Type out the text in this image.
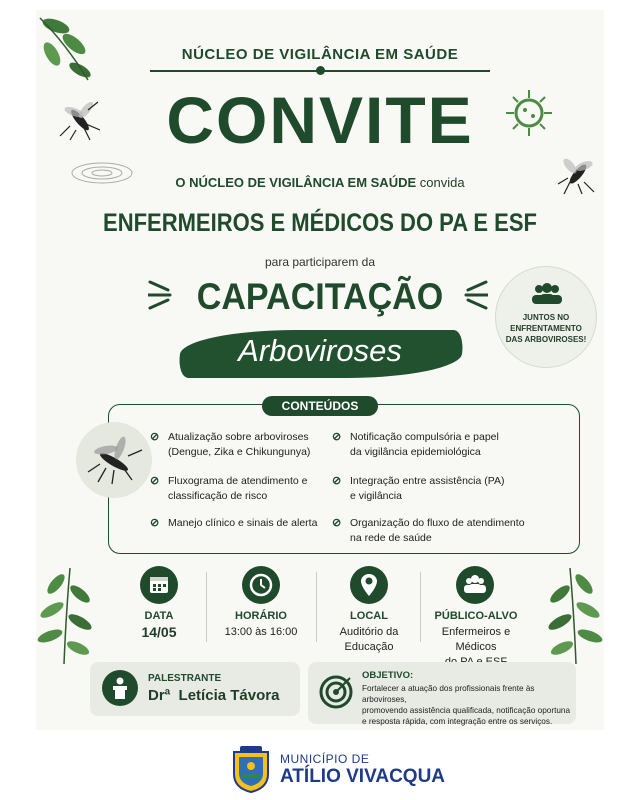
NÚCLEO DE VIGILÂNCIA EM SAÚDE
CONVITE
O NÚCLEO DE VIGILÂNCIA EM SAÚDE convida
ENFERMEIROS E MÉDICOS DO PA E ESF
para participarem da
CAPACITAÇÃO
Arboviroses
JUNTOS NO
ENFRENTAMENTO
DAS ARBOVIROSES!
CONTEÚDOS
⊘ Atualização sobre arboviroses
(Dengue, Zika e Chikungunya)
⊘ Fluxograma de atendimento e
classificação de risco
⊘ Manejo clínico e sinais de alerta
⊘ Notificação compulsória e papel
da vigilância epidemiológica
⊘ Integração entre assistência (PA)
e vigilância
⊘ Organização do fluxo de atendimento
na rede de saúde
DATA
14/05
HORÁRIO
13:00 às 16:00
LOCAL
Auditório da
Educação
PÚBLICO-ALVO
Enfermeiros e Médicos
PALESTRANTE
Drª  Letícia Távora
OBJETIVO:
Fortalecer a atuação dos profissionais frente às arboviroses,
promovendo assistência qualificada, notificação oportuna
e resposta rápida, com integração entre os serviços.
MUNICÍPIO DE
ATÍLIO VIVACQUA
